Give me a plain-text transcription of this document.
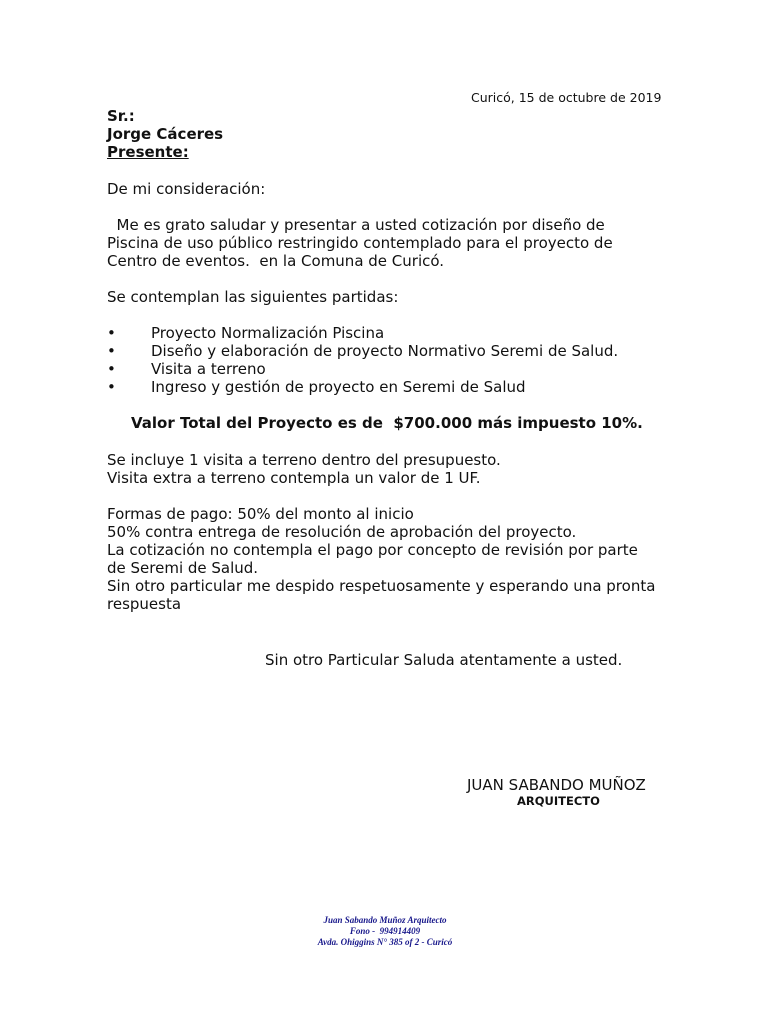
Curicó, 15 de octubre de 2019
Sr.:
Jorge Cáceres
Presente:
De mi consideración:
Me es grato saludar y presentar a usted cotización por diseño de
Piscina de uso público restringido contemplado para el proyecto de
Centro de eventos.  en la Comuna de Curicó.
Se contemplan las siguientes partidas:
• Proyecto Normalización Piscina
• Diseño y elaboración de proyecto Normativo Seremi de Salud.
• Visita a terreno
• Ingreso y gestión de proyecto en Seremi de Salud
Valor Total del Proyecto es de  $700.000 más impuesto 10%.
Se incluye 1 visita a terreno dentro del presupuesto.
Visita extra a terreno contempla un valor de 1 UF.
Formas de pago: 50% del monto al inicio
50% contra entrega de resolución de aprobación del proyecto.
La cotización no contempla el pago por concepto de revisión por parte
de Seremi de Salud.
Sin otro particular me despido respetuosamente y esperando una pronta
respuesta
Sin otro Particular Saluda atentamente a usted.
JUAN SABANDO MUÑOZ
ARQUITECTO
Juan Sabando Muñoz Arquitecto
Fono -  994914409
Avda. Ohiggins N° 385 of 2 - Curicó
